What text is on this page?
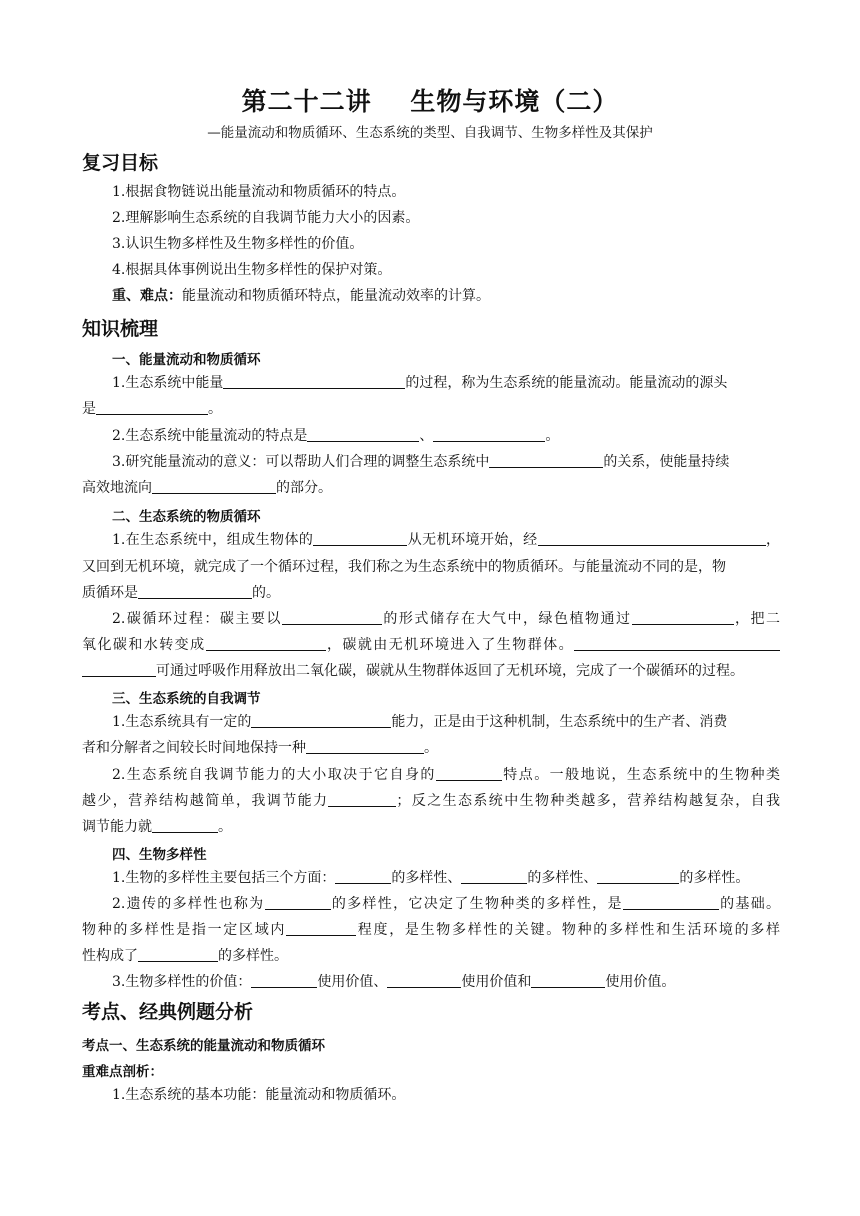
第二十二讲    生物与环境（二）

—能量流动和物质循环、生态系统的类型、自我调节、生物多样性及其保护

复习目标

1.根据食物链说出能量流动和物质循环的特点。

2.理解影响生态系统的自我调节能力大小的因素。

3.认识生物多样性及生物多样性的价值。

4.根据具体事例说出生物多样性的保护对策。

重、难点：能量流动和物质循环特点，能量流动效率的计算。

知识梳理

一、能量流动和物质循环

1.生态系统中能量	的过程，称为生态系统的能量流动。能量流动的源头

是	。

2.生态系统中能量流动的特点是	、	。

3.研究能量流动的意义：可以帮助人们合理的调整生态系统中	的关系，使能量持续

高效地流向	的部分。

二、生态系统的物质循环

1.在生态系统中，组成生物体的	从无机环境开始，经	，

又回到无机环境，就完成了一个循环过程，我们称之为生态系统中的物质循环。与能量流动不同的是，物

质循环是	的。

2.碳循环过程：碳主要以	的形式储存在大气中，绿色植物通过	，把二

氧化碳和水转变成	，碳就由无机环境进入了生物群体。

可通过呼吸作用释放出二氧化碳，碳就从生物群体返回了无机环境，完成了一个碳循环的过程。

三、生态系统的自我调节

1.生态系统具有一定的	能力，正是由于这种机制，生态系统中的生产者、消费

者和分解者之间较长时间地保持一种	。

2.生态系统自我调节能力的大小取决于它自身的	特点。一般地说，生态系统中的生物种类

越少，营养结构越简单，我调节能力	；反之生态系统中生物种类越多，营养结构越复杂，自我

调节能力就	。

四、生物多样性

1.生物的多样性主要包括三个方面：	的多样性、	的多样性、	的多样性。

2.遗传的多样性也称为	的多样性，它决定了生物种类的多样性，是	的基础。

物种的多样性是指一定区域内	程度，是生物多样性的关键。物种的多样性和生活环境的多样

性构成了	的多样性。

3.生物多样性的价值：	使用价值、	使用价值和	使用价值。

考点、经典例题分析

考点一、生态系统的能量流动和物质循环

重难点剖析：

1.生态系统的基本功能：能量流动和物质循环。
